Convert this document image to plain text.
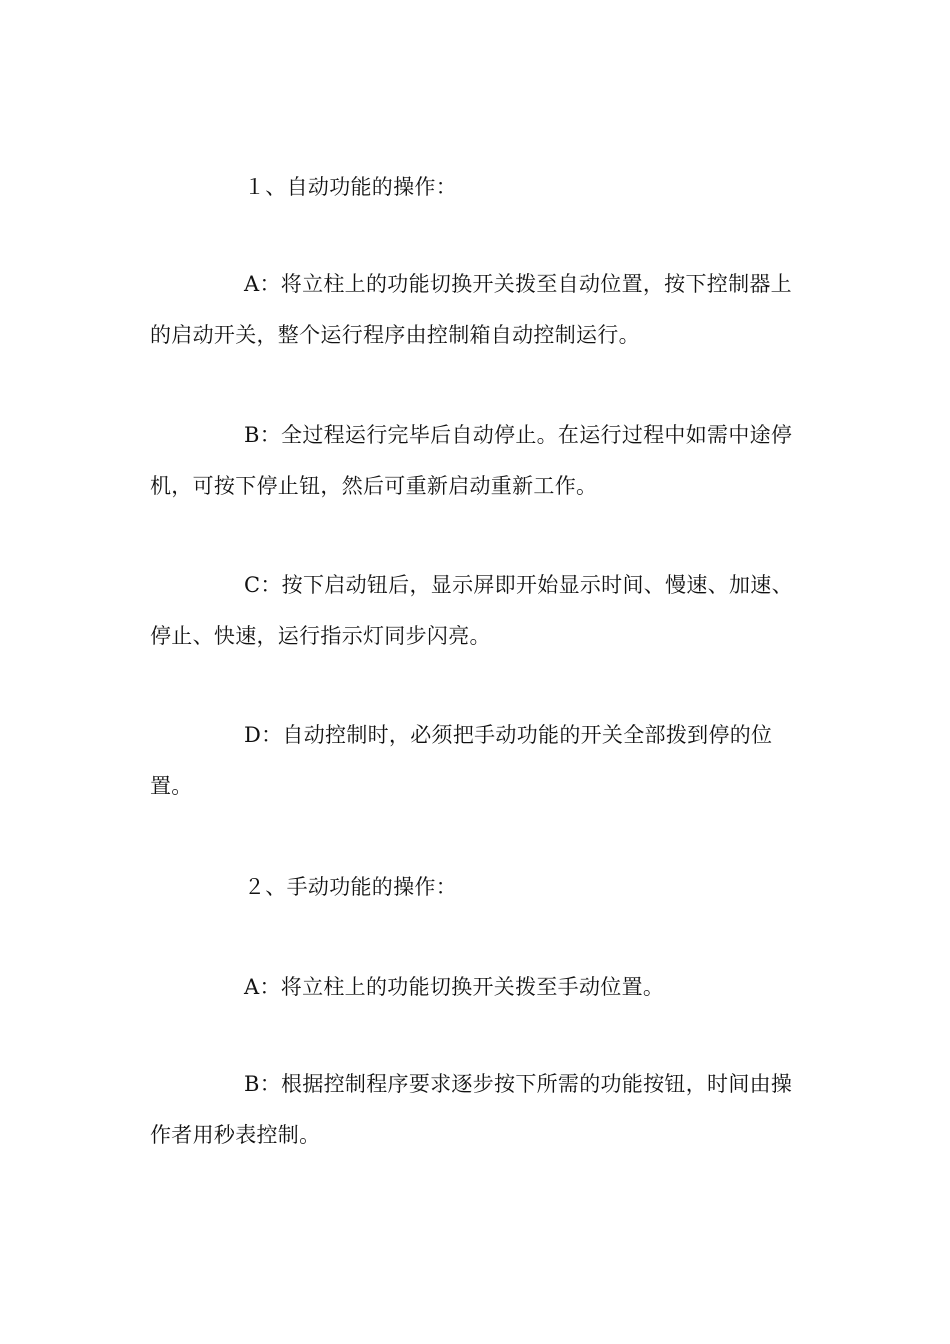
１、自动功能的操作：

A：将立柱上的功能切换开关拨至自动位置，按下控制器上的启动开关，整个运行程序由控制箱自动控制运行。

B：全过程运行完毕后自动停止。在运行过程中如需中途停机，可按下停止钮，然后可重新启动重新工作。

C：按下启动钮后，显示屏即开始显示时间、慢速、加速、停止、快速，运行指示灯同步闪亮。

D：自动控制时，必须把手动功能的开关全部拨到停的位置。

２、手动功能的操作：

A：将立柱上的功能切换开关拨至手动位置。

B：根据控制程序要求逐步按下所需的功能按钮，时间由操作者用秒表控制。
